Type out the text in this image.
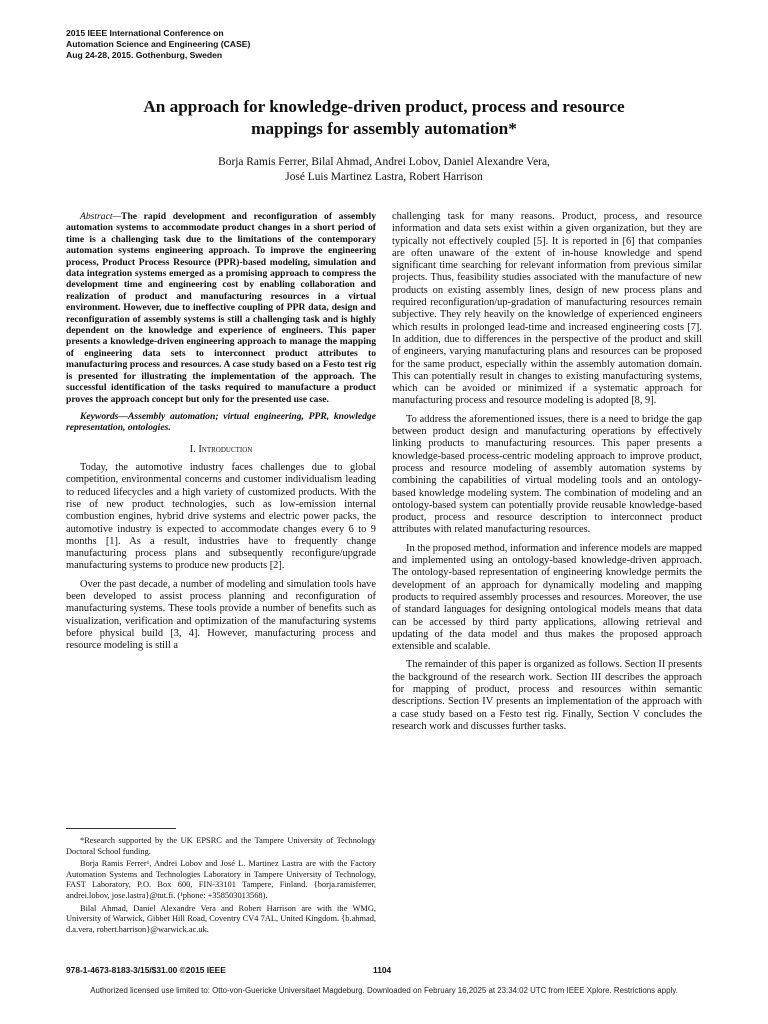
2015 IEEE International Conference on
Automation Science and Engineering (CASE)
Aug 24-28, 2015. Gothenburg, Sweden
An approach for knowledge-driven product, process and resource
mappings for assembly automation*
Borja Ramis Ferrer, Bilal Ahmad, Andrei Lobov, Daniel Alexandre Vera,
José Luis Martinez Lastra, Robert Harrison

Abstract—The rapid development and reconfiguration of assembly automation systems to accommodate product changes in a short period of time is a challenging task due to the limitations of the contemporary automation systems engineering approach. To improve the engineering process, Product Process Resource (PPR)-based modeling, simulation and data integration systems emerged as a promising approach to compress the development time and engineering cost by enabling collaboration and realization of product and manufacturing resources in a virtual environment. However, due to ineffective coupling of PPR data, design and reconfiguration of assembly systems is still a challenging task and is highly dependent on the knowledge and experience of engineers. This paper presents a knowledge-driven engineering approach to manage the mapping of engineering data sets to interconnect product attributes to manufacturing process and resources. A case study based on a Festo test rig is presented for illustrating the implementation of the approach. The successful identification of the tasks required to manufacture a product proves the approach concept but only for the presented use case.

Keywords—Assembly automation; virtual engineering, PPR, knowledge representation, ontologies.

I. Introduction

Today, the automotive industry faces challenges due to global competition, environmental concerns and customer individualism leading to reduced lifecycles and a high variety of customized products. With the rise of new product technologies, such as low-emission internal combustion engines, hybrid drive systems and electric power packs, the automotive industry is expected to accommodate changes every 6 to 9 months [1]. As a result, industries have to frequently change manufacturing process plans and subsequently reconfigure/upgrade manufacturing systems to produce new products [2].

Over the past decade, a number of modeling and simulation tools have been developed to assist process planning and reconfiguration of manufacturing systems. These tools provide a number of benefits such as visualization, verification and optimization of the manufacturing systems before physical build [3, 4]. However, manufacturing process and resource modeling is still a

*Research supported by the UK EPSRC and the Tampere University of Technology Doctoral School funding.

Borja Ramis Ferrer¹, Andrei Lobov and José L. Martinez Lastra are with the Factory Automation Systems and Technologies Laboratory in Tampere University of Technology, FAST Laboratory, P.O. Box 600, FIN-33101 Tampere, Finland. {borja.ramisferrer, andrei.lobov, jose.lastra}@tut.fi. (¹phone: +358503013568).

Bilal Ahmad, Daniel Alexandre Vera and Robert Harrison are with the WMG, University of Warwick, Gibbet Hill Road, Coventry CV4 7AL, United Kingdom. {b.ahmad, d.a.vera, robert.harrison}@warwick.ac.uk.

challenging task for many reasons. Product, process, and resource information and data sets exist within a given organization, but they are typically not effectively coupled [5]. It is reported in [6] that companies are often unaware of the extent of in-house knowledge and spend significant time searching for relevant information from previous similar projects. Thus, feasibility studies associated with the manufacture of new products on existing assembly lines, design of new process plans and required reconfiguration/up-gradation of manufacturing resources remain subjective. They rely heavily on the knowledge of experienced engineers which results in prolonged lead-time and increased engineering costs [7]. In addition, due to differences in the perspective of the product and skill of engineers, varying manufacturing plans and resources can be proposed for the same product, especially within the assembly automation domain. This can potentially result in changes to existing manufacturing systems, which can be avoided or minimized if a systematic approach for manufacturing process and resource modeling is adopted [8, 9].

To address the aforementioned issues, there is a need to bridge the gap between product design and manufacturing operations by effectively linking products to manufacturing resources. This paper presents a knowledge-based process-centric modeling approach to improve product, process and resource modeling of assembly automation systems by combining the capabilities of virtual modeling tools and an ontology-based knowledge modeling system. The combination of modeling and an ontology-based system can potentially provide reusable knowledge-based product, process and resource description to interconnect product attributes with related manufacturing resources.

In the proposed method, information and inference models are mapped and implemented using an ontology-based knowledge-driven approach. The ontology-based representation of engineering knowledge permits the development of an approach for dynamically modeling and mapping products to required assembly processes and resources. Moreover, the use of standard languages for designing ontological models means that data can be accessed by third party applications, allowing retrieval and updating of the data model and thus makes the proposed approach extensible and scalable.

The remainder of this paper is organized as follows. Section II presents the background of the research work. Section III describes the approach for mapping of product, process and resources within semantic descriptions. Section IV presents an implementation of the approach with a case study based on a Festo test rig. Finally, Section V concludes the research work and discusses further tasks.

978-1-4673-8183-3/15/$31.00 ©2015 IEEE	1104
Authorized licensed use limited to: Otto-von-Guericke Universitaet Magdeburg. Downloaded on February 16,2025 at 23:34:02 UTC from IEEE Xplore. Restrictions apply.
